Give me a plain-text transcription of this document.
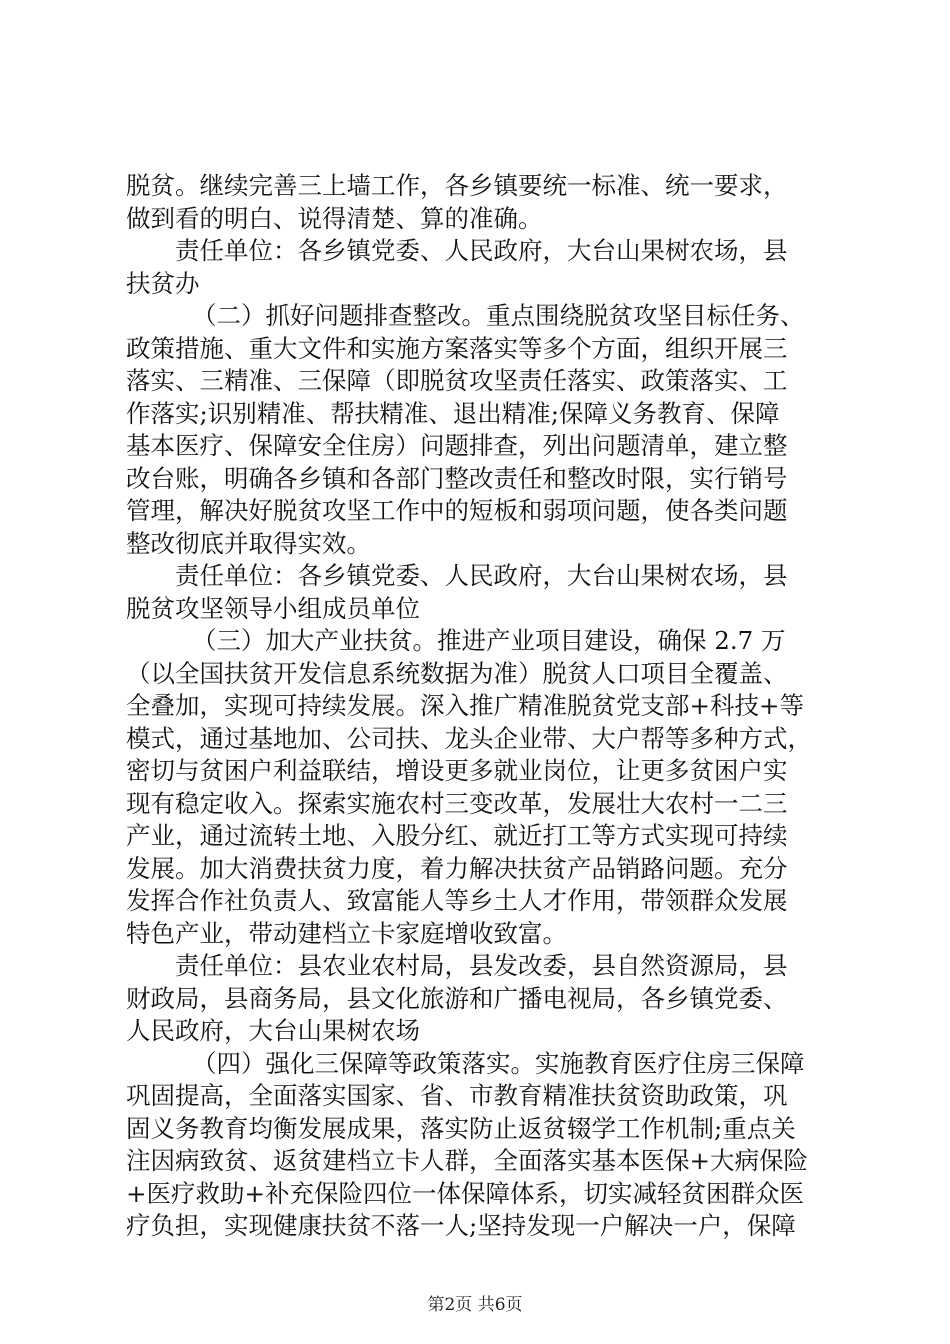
脱贫。继续完善三上墙工作，各乡镇要统一标准、统一要求，
做到看的明白、说得清楚、算的准确。
责任单位：各乡镇党委、人民政府，大台山果树农场，县
扶贫办
（二）抓好问题排查整改。重点围绕脱贫攻坚目标任务、
政策措施、重大文件和实施方案落实等多个方面，组织开展三
落实、三精准、三保障（即脱贫攻坚责任落实、政策落实、工
作落实;识别精准、帮扶精准、退出精准;保障义务教育、保障
基本医疗、保障安全住房）问题排查，列出问题清单，建立整
改台账，明确各乡镇和各部门整改责任和整改时限，实行销号
管理，解决好脱贫攻坚工作中的短板和弱项问题，使各类问题
整改彻底并取得实效。
责任单位：各乡镇党委、人民政府，大台山果树农场，县
脱贫攻坚领导小组成员单位
（三）加大产业扶贫。推进产业项目建设，确保 2.7 万
（以全国扶贫开发信息系统数据为准）脱贫人口项目全覆盖、
全叠加，实现可持续发展。深入推广精准脱贫党支部+科技+等
模式，通过基地加、公司扶、龙头企业带、大户帮等多种方式，
密切与贫困户利益联结，增设更多就业岗位，让更多贫困户实
现有稳定收入。探索实施农村三变改革，发展壮大农村一二三
产业，通过流转土地、入股分红、就近打工等方式实现可持续
发展。加大消费扶贫力度，着力解决扶贫产品销路问题。充分
发挥合作社负责人、致富能人等乡土人才作用，带领群众发展
特色产业，带动建档立卡家庭增收致富。
责任单位：县农业农村局，县发改委，县自然资源局，县
财政局，县商务局，县文化旅游和广播电视局，各乡镇党委、
人民政府，大台山果树农场
（四）强化三保障等政策落实。实施教育医疗住房三保障
巩固提高，全面落实国家、省、市教育精准扶贫资助政策，巩
固义务教育均衡发展成果，落实防止返贫辍学工作机制;重点关
注因病致贫、返贫建档立卡人群，全面落实基本医保+大病保险
+医疗救助+补充保险四位一体保障体系，切实减轻贫困群众医
疗负担，实现健康扶贫不落一人;坚持发现一户解决一户，保障
第2页 共6页
